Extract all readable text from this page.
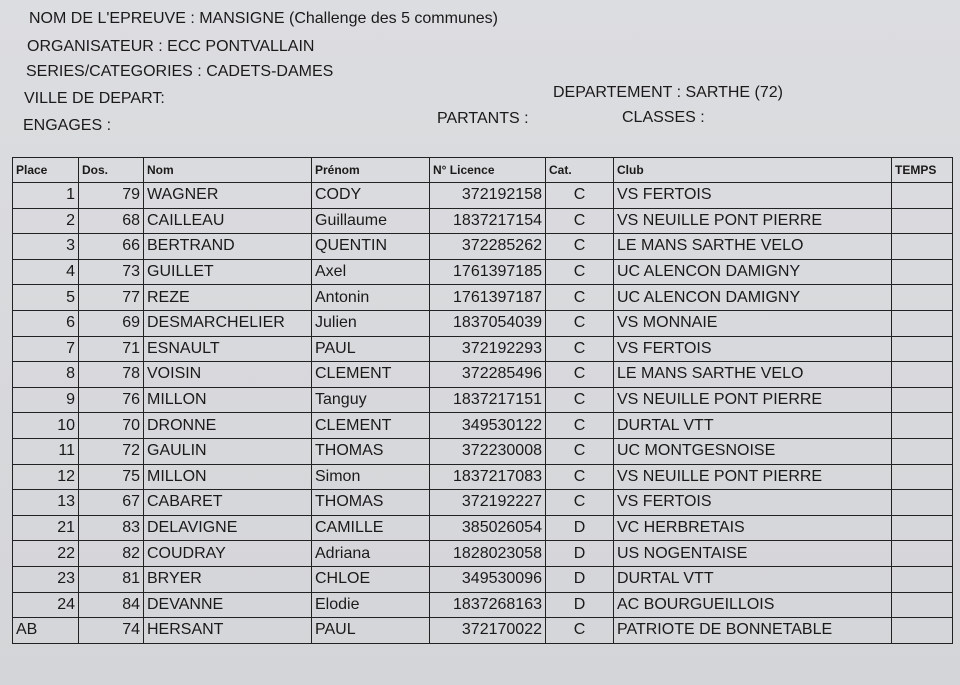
NOM DE L'EPREUVE : MANSIGNE (Challenge des 5 communes)
ORGANISATEUR : ECC PONTVALLAIN
SERIES/CATEGORIES : CADETS-DAMES
VILLE DE DEPART:	DEPARTEMENT : SARTHE (72)
ENGAGES :	PARTANTS :	CLASSES :
Place	Dos.	Nom	Prénom	N° Licence	Cat.	Club	TEMPS
1	79	WAGNER	CODY	372192158	C	VS FERTOIS	
2	68	CAILLEAU	Guillaume	1837217154	C	VS NEUILLE PONT PIERRE	
3	66	BERTRAND	QUENTIN	372285262	C	LE MANS SARTHE VELO	
4	73	GUILLET	Axel	1761397185	C	UC ALENCON DAMIGNY	
5	77	REZE	Antonin	1761397187	C	UC ALENCON DAMIGNY	
6	69	DESMARCHELIER	Julien	1837054039	C	VS MONNAIE	
7	71	ESNAULT	PAUL	372192293	C	VS FERTOIS	
8	78	VOISIN	CLEMENT	372285496	C	LE MANS SARTHE VELO	
9	76	MILLON	Tanguy	1837217151	C	VS NEUILLE PONT PIERRE	
10	70	DRONNE	CLEMENT	349530122	C	DURTAL VTT	
11	72	GAULIN	THOMAS	372230008	C	UC MONTGESNOISE	
12	75	MILLON	Simon	1837217083	C	VS NEUILLE PONT PIERRE	
13	67	CABARET	THOMAS	372192227	C	VS FERTOIS	
21	83	DELAVIGNE	CAMILLE	385026054	D	VC HERBRETAIS	
22	82	COUDRAY	Adriana	1828023058	D	US NOGENTAISE	
23	81	BRYER	CHLOE	349530096	D	DURTAL VTT	
24	84	DEVANNE	Elodie	1837268163	D	AC BOURGUEILLOIS	
AB	74	HERSANT	PAUL	372170022	C	PATRIOTE DE BONNETABLE	
